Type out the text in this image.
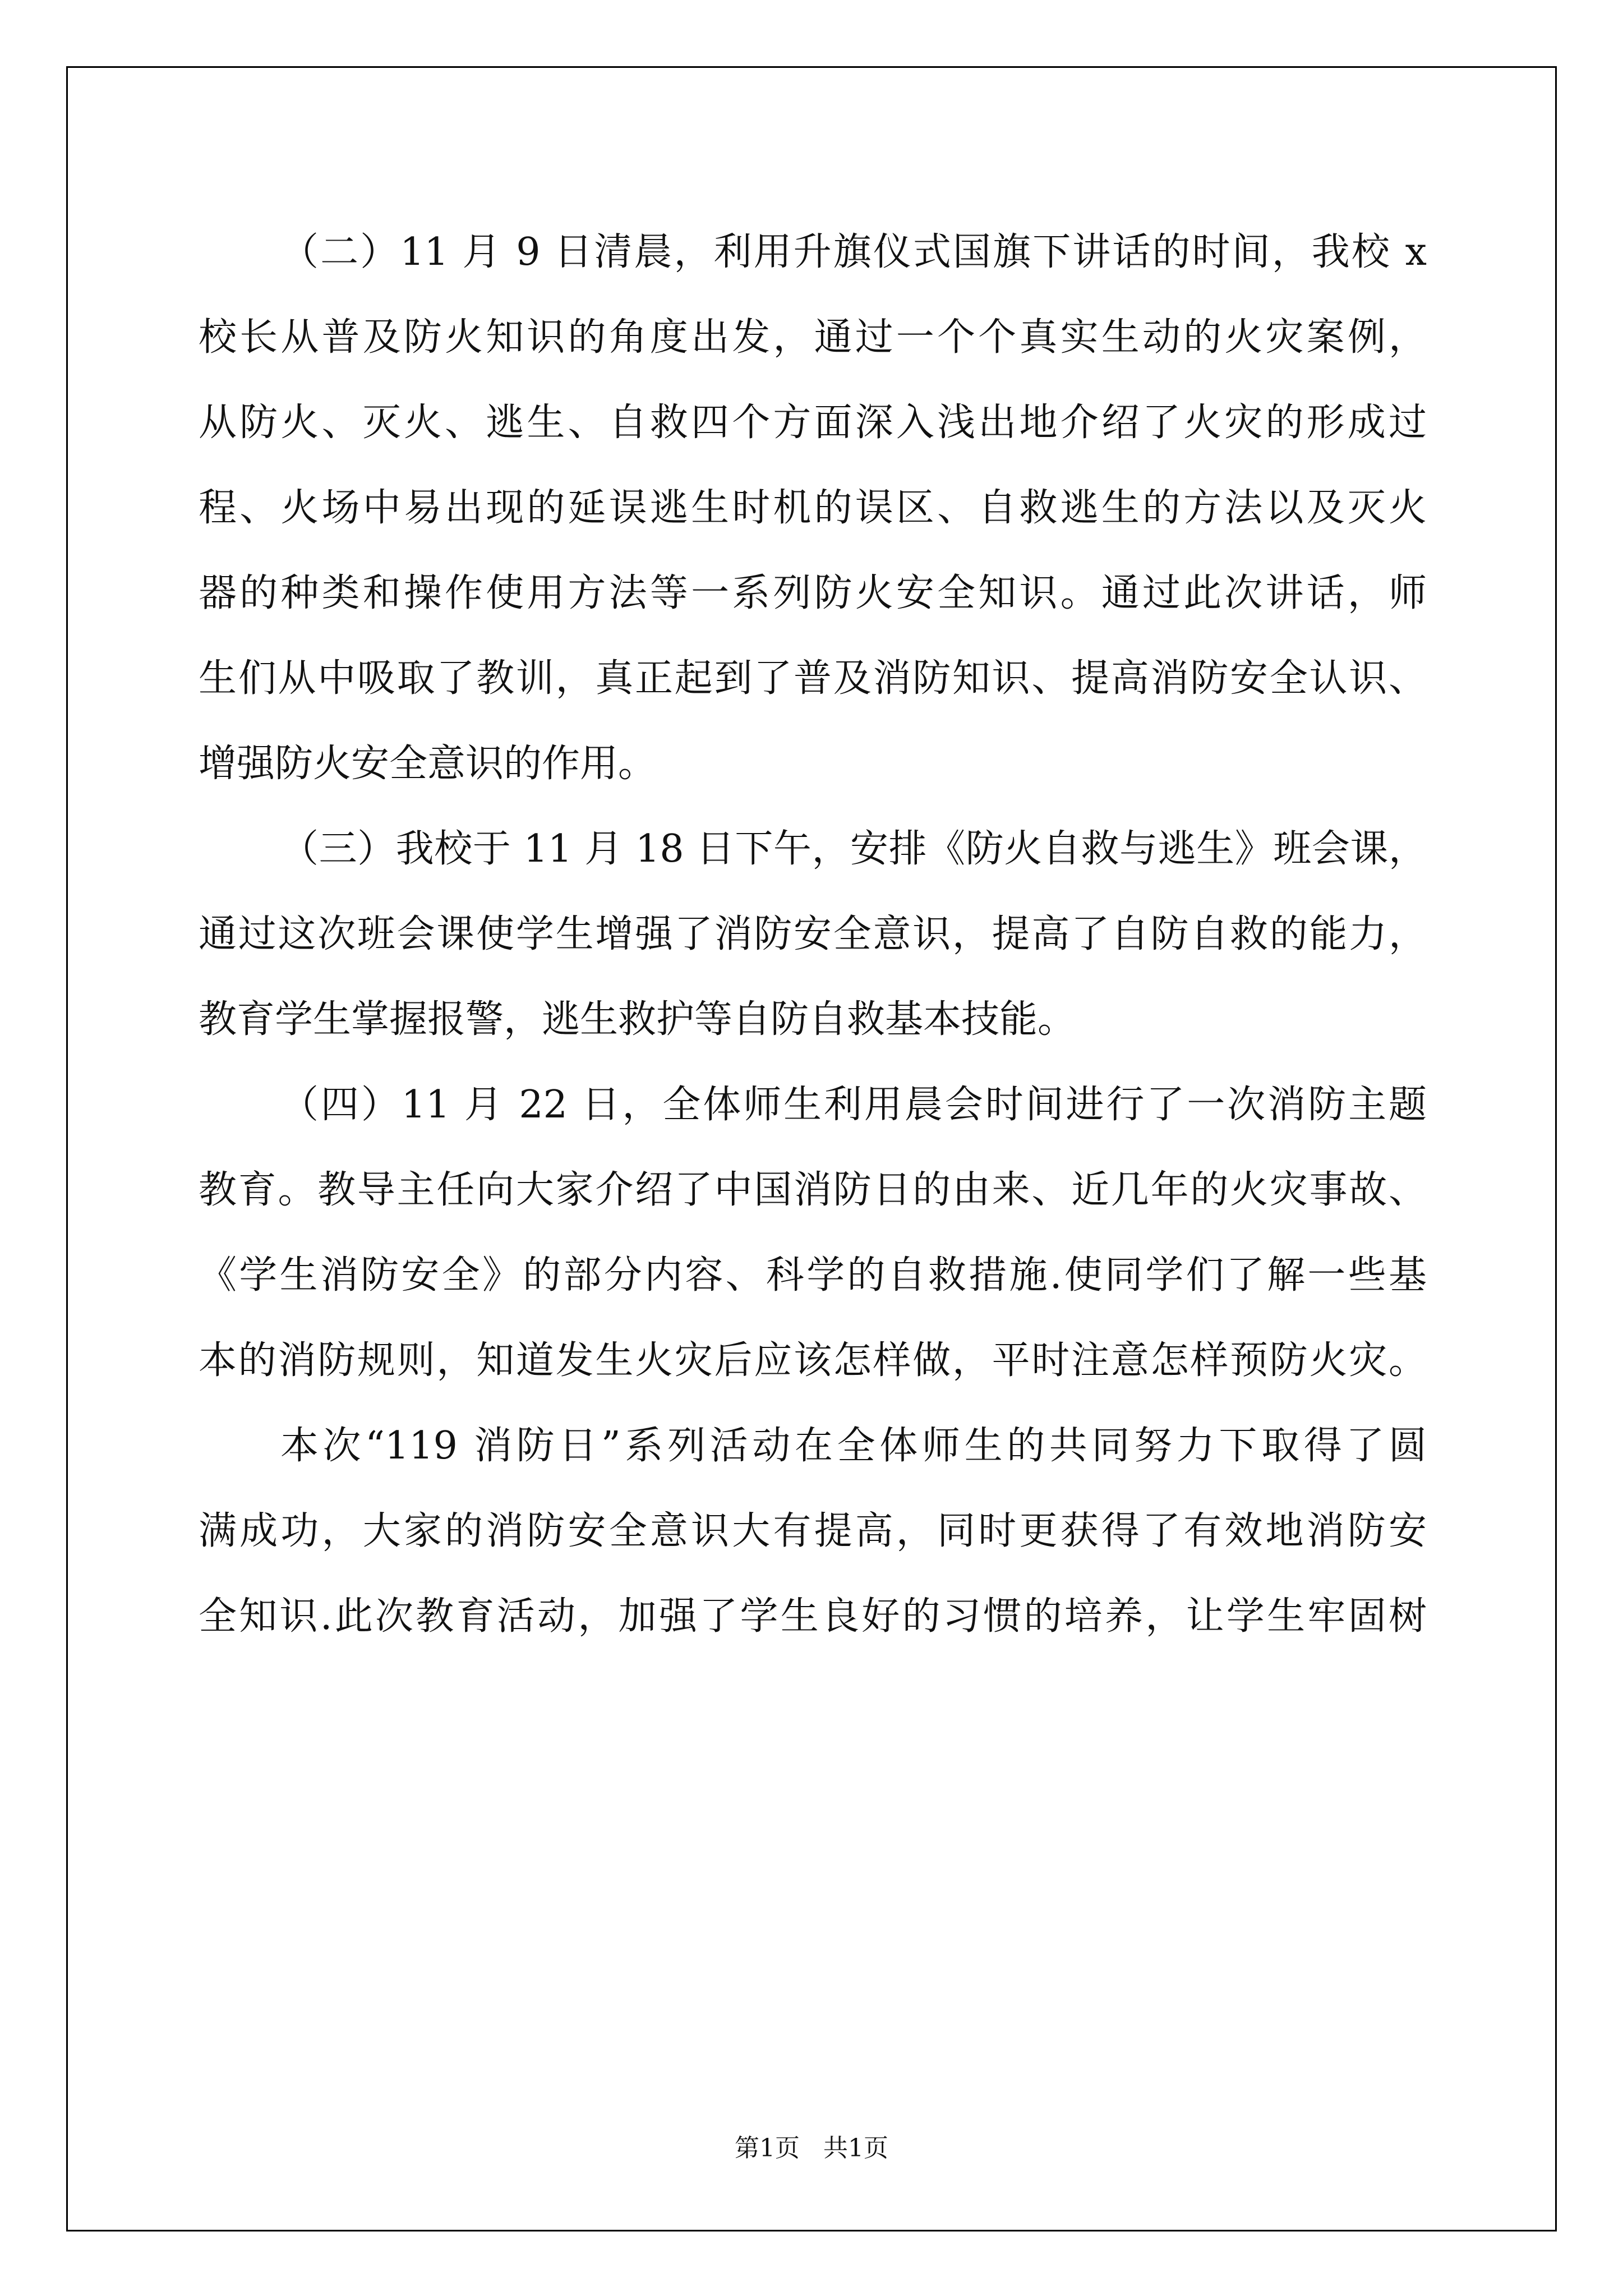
（二）11 月 9 日清晨，利用升旗仪式国旗下讲话的时间，我校 x
校长从普及防火知识的角度出发，通过一个个真实生动的火灾案例，
从防火、灭火、逃生、自救四个方面深入浅出地介绍了火灾的形成过
程、火场中易出现的延误逃生时机的误区、自救逃生的方法以及灭火
器的种类和操作使用方法等一系列防火安全知识。通过此次讲话，师
生们从中吸取了教训，真正起到了普及消防知识、提高消防安全认识、
增强防火安全意识的作用。
（三）我校于 11 月 18 日下午，安排《防火自救与逃生》班会课，
通过这次班会课使学生增强了消防安全意识，提高了自防自救的能力，
教育学生掌握报警，逃生救护等自防自救基本技能。
（四）11 月 22 日，全体师生利用晨会时间进行了一次消防主题
教育。教导主任向大家介绍了中国消防日的由来、近几年的火灾事故、
《学生消防安全》的部分内容、科学的自救措施.使同学们了解一些基
本的消防规则，知道发生火灾后应该怎样做，平时注意怎样预防火灾。
本次“119 消防日”系列活动在全体师生的共同努力下取得了圆
满成功，大家的消防安全意识大有提高，同时更获得了有效地消防安
全知识.此次教育活动，加强了学生良好的习惯的培养，让学生牢固树
第1页   共1页
